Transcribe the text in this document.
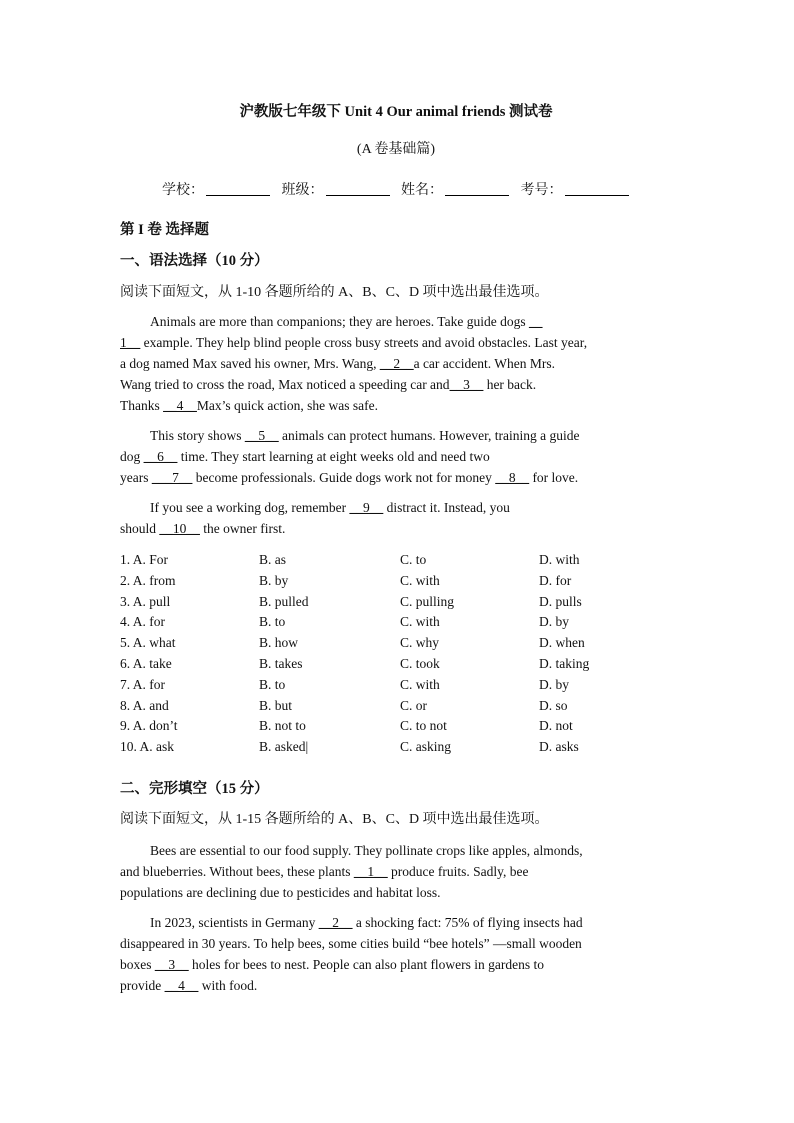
沪教版七年级下 Unit 4 Our animal friends 测试卷
(A 卷基础篇)
学校：	班级：	姓名：	考号：
第 I 卷 选择题
一、语法选择（10 分）
阅读下面短文，从 1-10 各题所给的 A、B、C、D 项中选出最佳选项。
Animals are more than companions; they are heroes. Take guide dogs __
1__ example. They help blind people cross busy streets and avoid obstacles. Last year,
a dog named Max saved his owner, Mrs. Wang, __2__a car accident. When Mrs.
Wang tried to cross the road, Max noticed a speeding car and__3__ her back.
Thanks __4__Max’s quick action, she was safe.
This story shows __5__ animals can protect humans. However, training a guide
dog __6__ time. They start learning at eight weeks old and need two
years ___7__ become professionals. Guide dogs work not for money __8__ for love.
If you see a working dog, remember __9__ distract it. Instead, you
should __10__ the owner first.
1. A. For	B. as	C. to	D. with
2. A. from	B. by	C. with	D. for
3. A. pull	B. pulled	C. pulling	D. pulls
4. A. for	B. to	C. with	D. by
5. A. what	B. how	C. why	D. when
6. A. take	B. takes	C. took	D. taking
7. A. for	B. to	C. with	D. by
8. A. and	B. but	C. or	D. so
9. A. don’t	B. not to	C. to not	D. not
10. A. ask	B. asked|	C. asking	D. asks
二、完形填空（15 分）
阅读下面短文，从 1-15 各题所给的 A、B、C、D 项中选出最佳选项。
Bees are essential to our food supply. They pollinate crops like apples, almonds,
and blueberries. Without bees, these plants __1__ produce fruits. Sadly, bee
populations are declining due to pesticides and habitat loss.
In 2023, scientists in Germany __2__ a shocking fact: 75% of flying insects had
disappeared in 30 years. To help bees, some cities build “bee hotels” —small wooden
boxes __3__ holes for bees to nest. People can also plant flowers in gardens to
provide __4__ with food.
